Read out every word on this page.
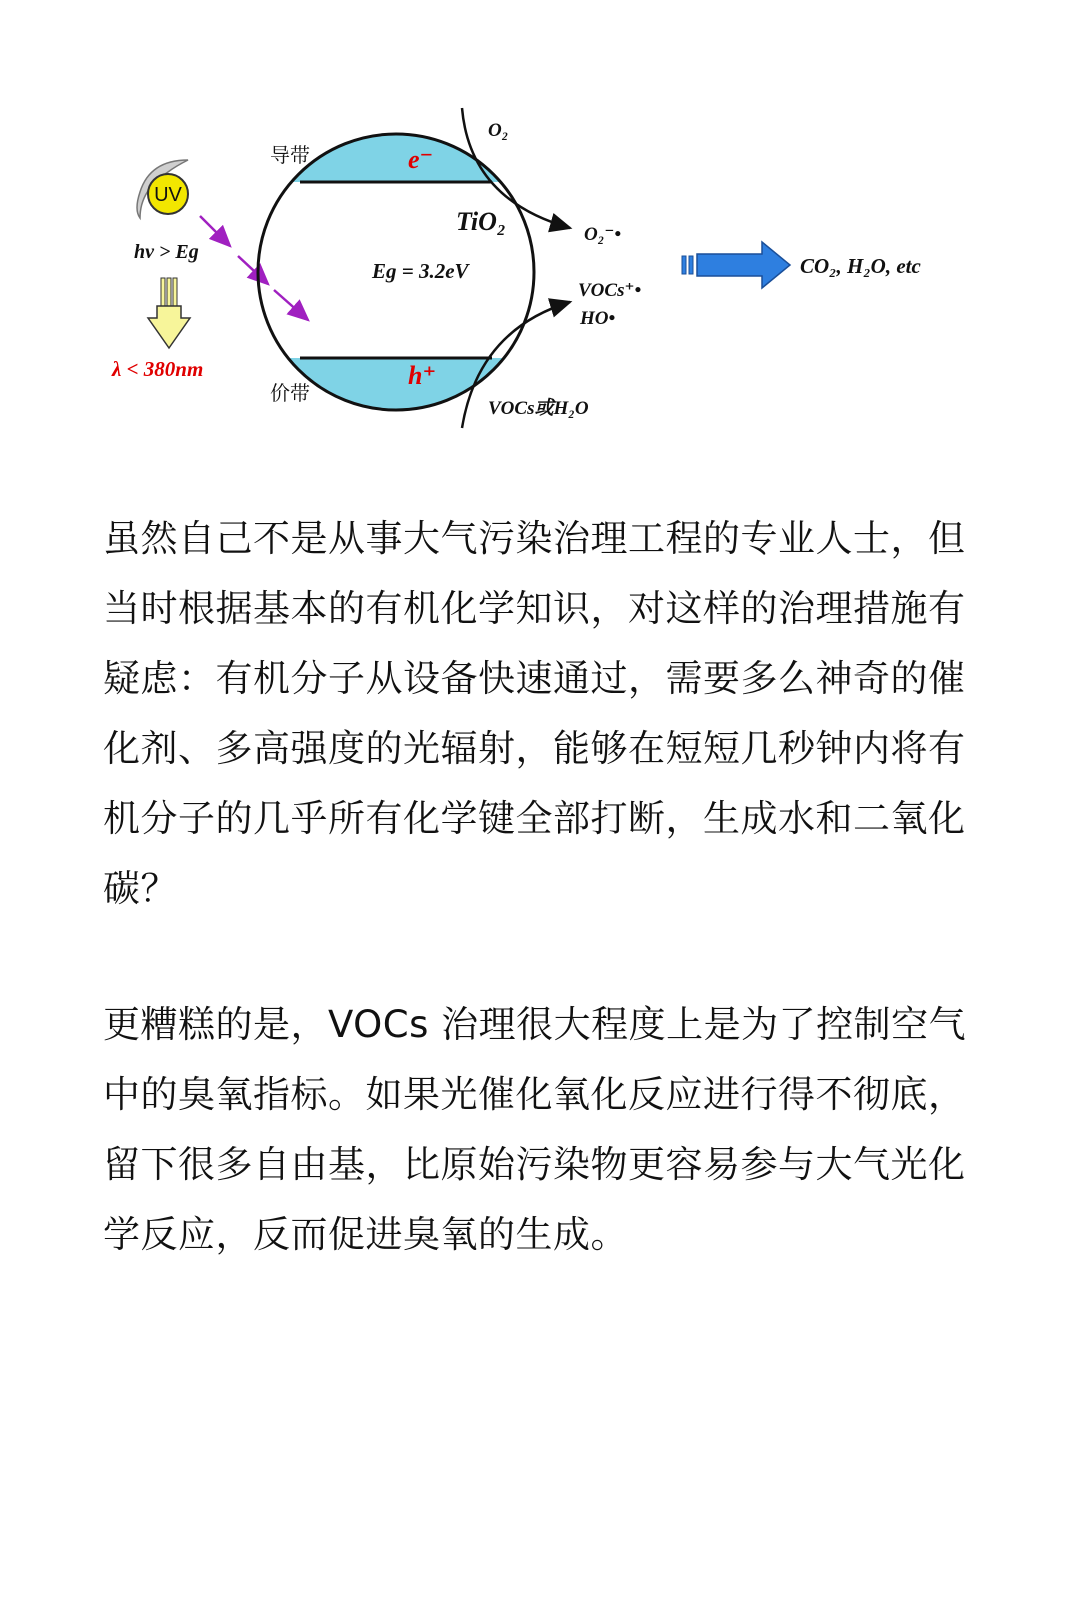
UV
hν > Eg
λ < 380nm
导带
价带
e⁻
h⁺
TiO₂
Eg = 3.2eV
O₂
O₂⁻•
VOCs⁺•
HO•
VOCs或H₂O
CO₂, H₂O, etc

虽然自己不是从事大气污染治理工程的专业人士，但当时根据基本的有机化学知识，对这样的治理措施有疑虑：有机分子从设备快速通过，需要多么神奇的催化剂、多高强度的光辐射，能够在短短几秒钟内将有机分子的几乎所有化学键全部打断，生成水和二氧化碳？

更糟糕的是，VOCs 治理很大程度上是为了控制空气中的臭氧指标。如果光催化氧化反应进行得不彻底，留下很多自由基，比原始污染物更容易参与大气光化学反应，反而促进臭氧的生成。
